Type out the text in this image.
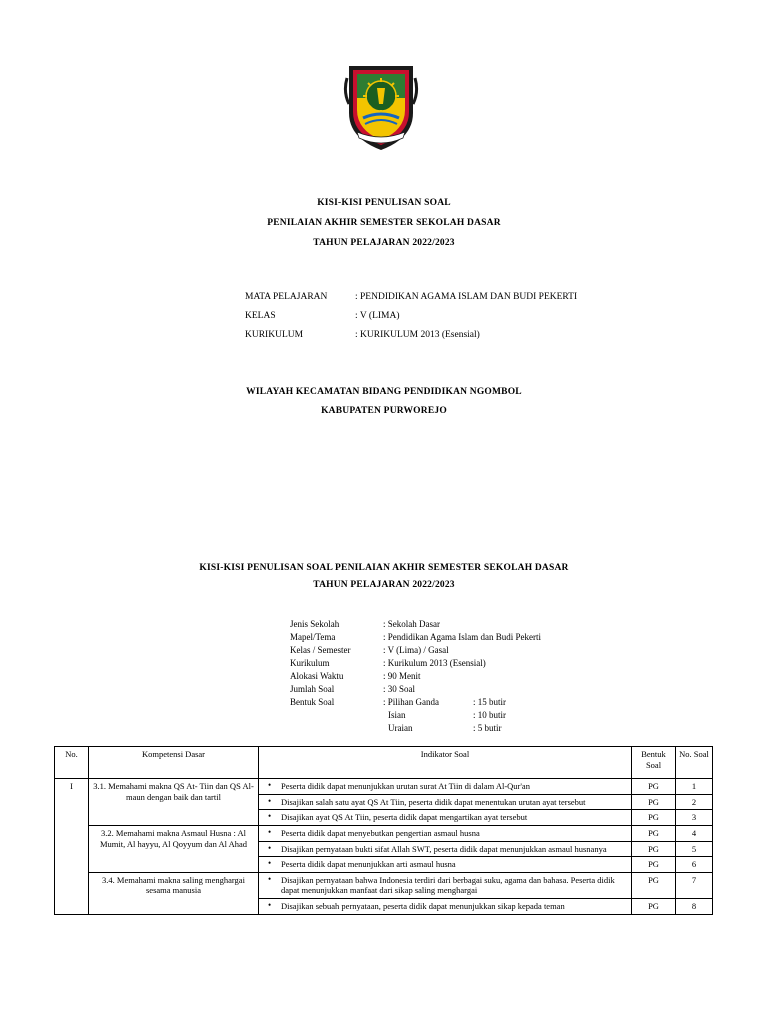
KISI-KISI PENULISAN SOAL
PENILAIAN AKHIR SEMESTER SEKOLAH DASAR
TAHUN PELAJARAN 2022/2023
MATA PELAJARAN	: PENDIDIKAN AGAMA ISLAM DAN BUDI PEKERTI
KELAS	: V (LIMA)
KURIKULUM	: KURIKULUM 2013 (Esensial)
WILAYAH KECAMATAN BIDANG PENDIDIKAN NGOMBOL
KABUPATEN PURWOREJO
KISI-KISI PENULISAN SOAL PENILAIAN AKHIR SEMESTER SEKOLAH DASAR
TAHUN PELAJARAN 2022/2023
Jenis Sekolah	: Sekolah Dasar
Mapel/Tema	: Pendidikan Agama Islam dan Budi Pekerti
Kelas / Semester	: V (Lima) / Gasal
Kurikulum	: Kurikulum 2013 (Esensial)
Alokasi Waktu	: 90 Menit
Jumlah Soal	: 30 Soal
Bentuk Soal	: Pilihan Ganda	: 15 butir
Isian	: 10 butir
Uraian	: 5 butir
No.	Kompetensi Dasar	Indikator Soal	Bentuk Soal	No. Soal
I	3.1. Memahami makna QS At- Tiin dan QS Al-maun dengan baik dan tartil	• Peserta didik dapat menunjukkan urutan surat At Tiin di dalam Al-Qur'an	PG	1
		• Disajikan salah satu ayat QS At Tiin, peserta didik dapat menentukan urutan ayat tersebut	PG	2
		• Disajikan ayat QS At Tiin, peserta didik dapat mengartikan ayat tersebut	PG	3
	3.2. Memahami makna Asmaul Husna : Al Mumit, Al hayyu, Al Qoyyum dan Al Ahad	• Peserta didik dapat menyebutkan pengertian asmaul husna	PG	4
		• Disajikan pernyataan bukti sifat Allah SWT, peserta didik dapat menunjukkan asmaul husnanya	PG	5
		• Peserta didik dapat menunjukkan arti asmaul husna	PG	6
	3.4. Memahami makna saling menghargai sesama manusia	• Disajikan pernyataan bahwa Indonesia terdiri dari berbagai suku, agama dan bahasa. Peserta didik dapat menunjukkan manfaat dari sikap saling menghargai	PG	7
		• Disajikan sebuah pernyataan, peserta didik dapat menunjukkan sikap kepada teman	PG	8
